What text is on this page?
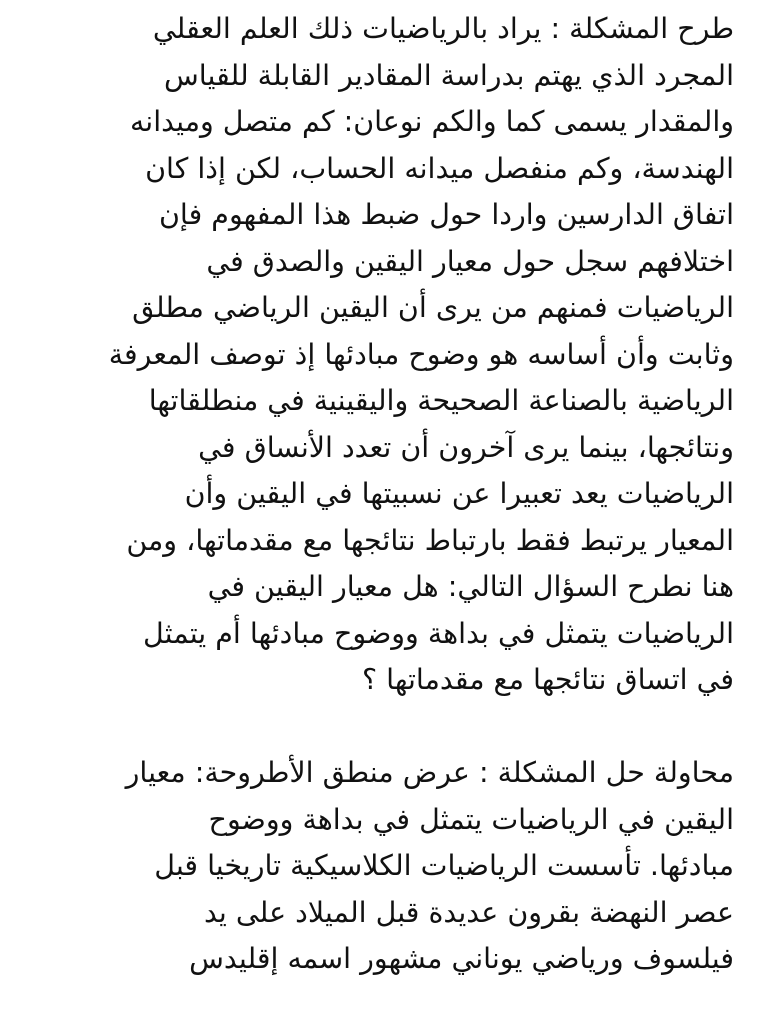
طرح المشكلة : يراد بالرياضيات ذلك العلم العقلي
المجرد الذي يهتم بدراسة المقادير القابلة للقياس
والمقدار يسمى كما والكم نوعان: كم متصل وميدانه
الهندسة، وكم منفصل ميدانه الحساب، لكن إذا كان
اتفاق الدارسين واردا حول ضبط هذا المفهوم فإن
اختلافهم سجل حول معيار اليقين والصدق في
الرياضيات فمنهم من يرى أن اليقين الرياضي مطلق
وثابت وأن أساسه هو وضوح مبادئها إذ توصف المعرفة
الرياضية بالصناعة الصحيحة واليقينية في منطلقاتها
ونتائجها، بينما يرى آخرون أن تعدد الأنساق في
الرياضيات يعد تعبيرا عن نسبيتها في اليقين وأن
المعيار يرتبط فقط بارتباط نتائجها مع مقدماتها، ومن
هنا نطرح السؤال التالي: هل معيار اليقين في
الرياضيات يتمثل في بداهة ووضوح مبادئها أم يتمثل
في اتساق نتائجها مع مقدماتها ؟
محاولة حل المشكلة : عرض منطق الأطروحة: معيار
اليقين في الرياضيات يتمثل في بداهة ووضوح
مبادئها. تأسست الرياضيات الكلاسيكية تاريخيا قبل
عصر النهضة بقرون عديدة قبل الميلاد على يد
فيلسوف ورياضي يوناني مشهور اسمه إقليدس
